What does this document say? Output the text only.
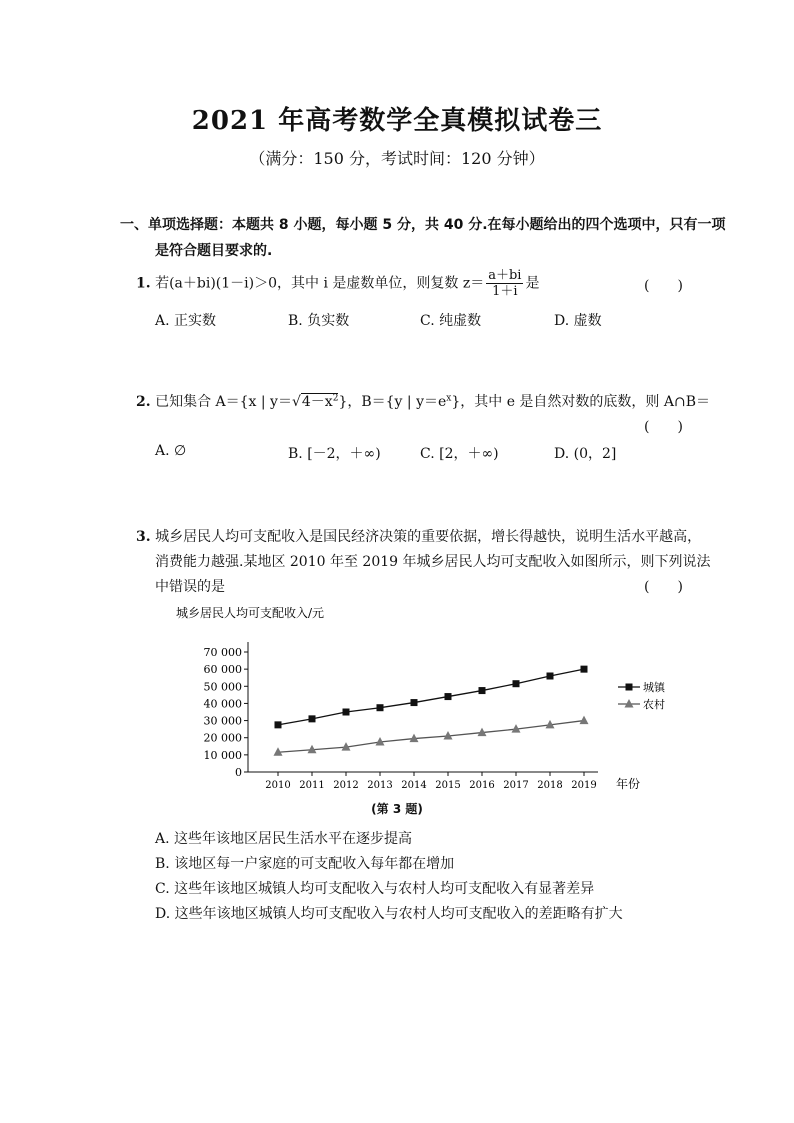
2021 年高考数学全真模拟试卷三
（满分：150 分，考试时间：120 分钟）
一、单项选择题：本题共 8 小题，每小题 5 分，共 40 分.在每小题给出的四个选项中，只有一项
是符合题目要求的.
1. 若(a＋bi)(1－i)＞0，其中 i 是虚数单位，则复数 $z= \frac{a+bi}{1+i}$ 是	(　　)
A. 正实数	B. 负实数	C. 纯虚数	D. 虚数
2. 已知集合 A＝{x | $y=√4-x^2$}，B＝{y | $y=e^x$}，其中 e 是自然对数的底数，则 A∩B＝
(　　)
A. ∅	B. [－2，＋∞)	C. [2，＋∞)	D. (0，2]
3. 城乡居民人均可支配收入是国民经济决策的重要依据，增长得越快，说明生活水平越高，
消费能力越强.某地区 2010 年至 2019 年城乡居民人均可支配收入如图所示，则下列说法
中错误的是	(　　)
城乡居民人均可支配收入/元
0
10 000
20 000
30 000
40 000
50 000
60 000
70 000
2010 2011 2012 2013 2014 2015 2016 2017 2018 2019
城镇
农村
年份
(第 3 题)
A. 这些年该地区居民生活水平在逐步提高
B. 该地区每一户家庭的可支配收入每年都在增加
C. 这些年该地区城镇人均可支配收入与农村人均可支配收入有显著差异
D. 这些年该地区城镇人均可支配收入与农村人均可支配收入的差距略有扩大
